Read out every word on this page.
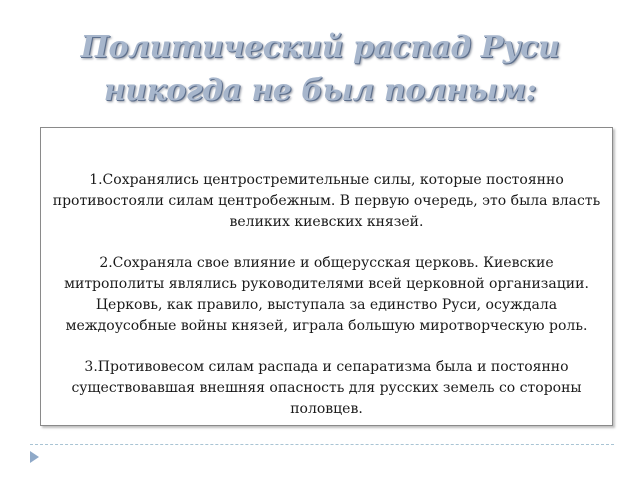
Политический распад Руси никогда не был полным:

1.Сохранялись центростремительные силы, которые постоянно противостояли силам центробежным. В первую очередь, это была власть великих киевских князей.

2.Сохраняла свое влияние и общерусская церковь. Киевские митрополиты являлись руководителями всей церковной организации. Церковь, как правило, выступала за единство Руси, осуждала междоусобные войны князей, играла большую миротворческую роль.

3.Противовесом силам распада и сепаратизма была и постоянно существовавшая внешняя опасность для русских земель со стороны половцев.
